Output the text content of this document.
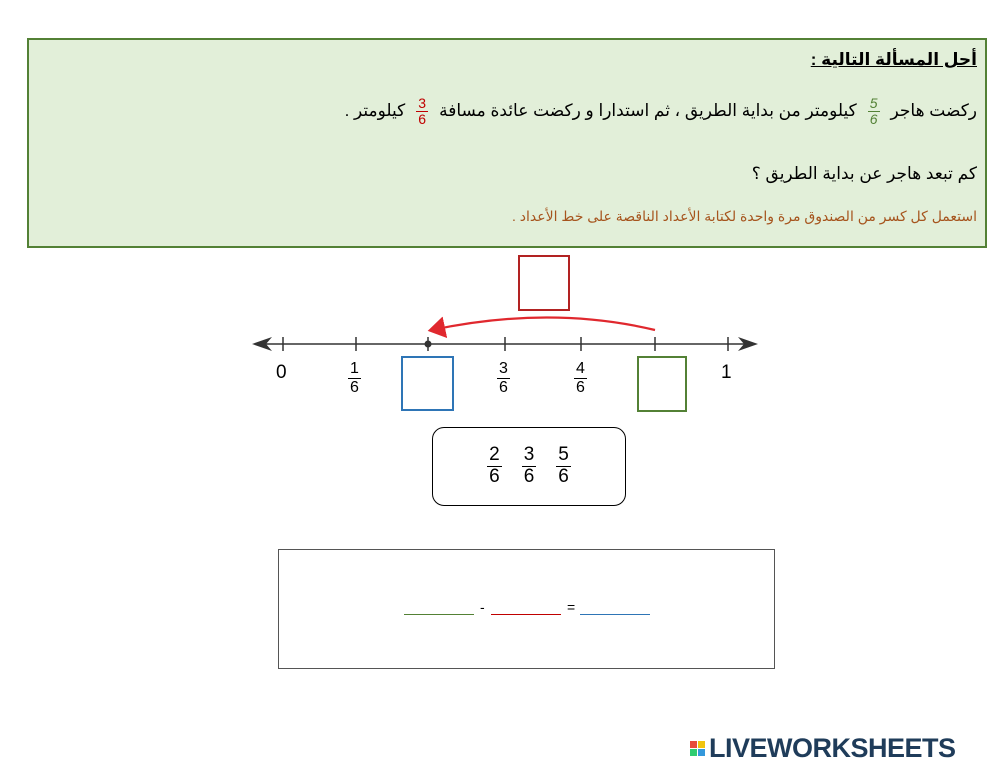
أحل المسألة التالية :
ركضت هاجر
$\frac{5}{6}$
كيلومتر من بداية الطريق ، ثم استدارا و ركضت عائدة مسافة
$\frac{3}{6}$
كيلومتر .
كم تبعد هاجر عن بداية الطريق ؟
استعمل كل كسر من الصندوق مرة واحدة لكتابة الأعداد الناقصة على خط الأعداد .
0	1
$\frac{1}{6}$	$\frac{3}{6}$	$\frac{4}{6}$
$\frac{2}{6} \frac{3}{6} \frac{5}{6}$
-	=
LIVEWORKSHEETS
